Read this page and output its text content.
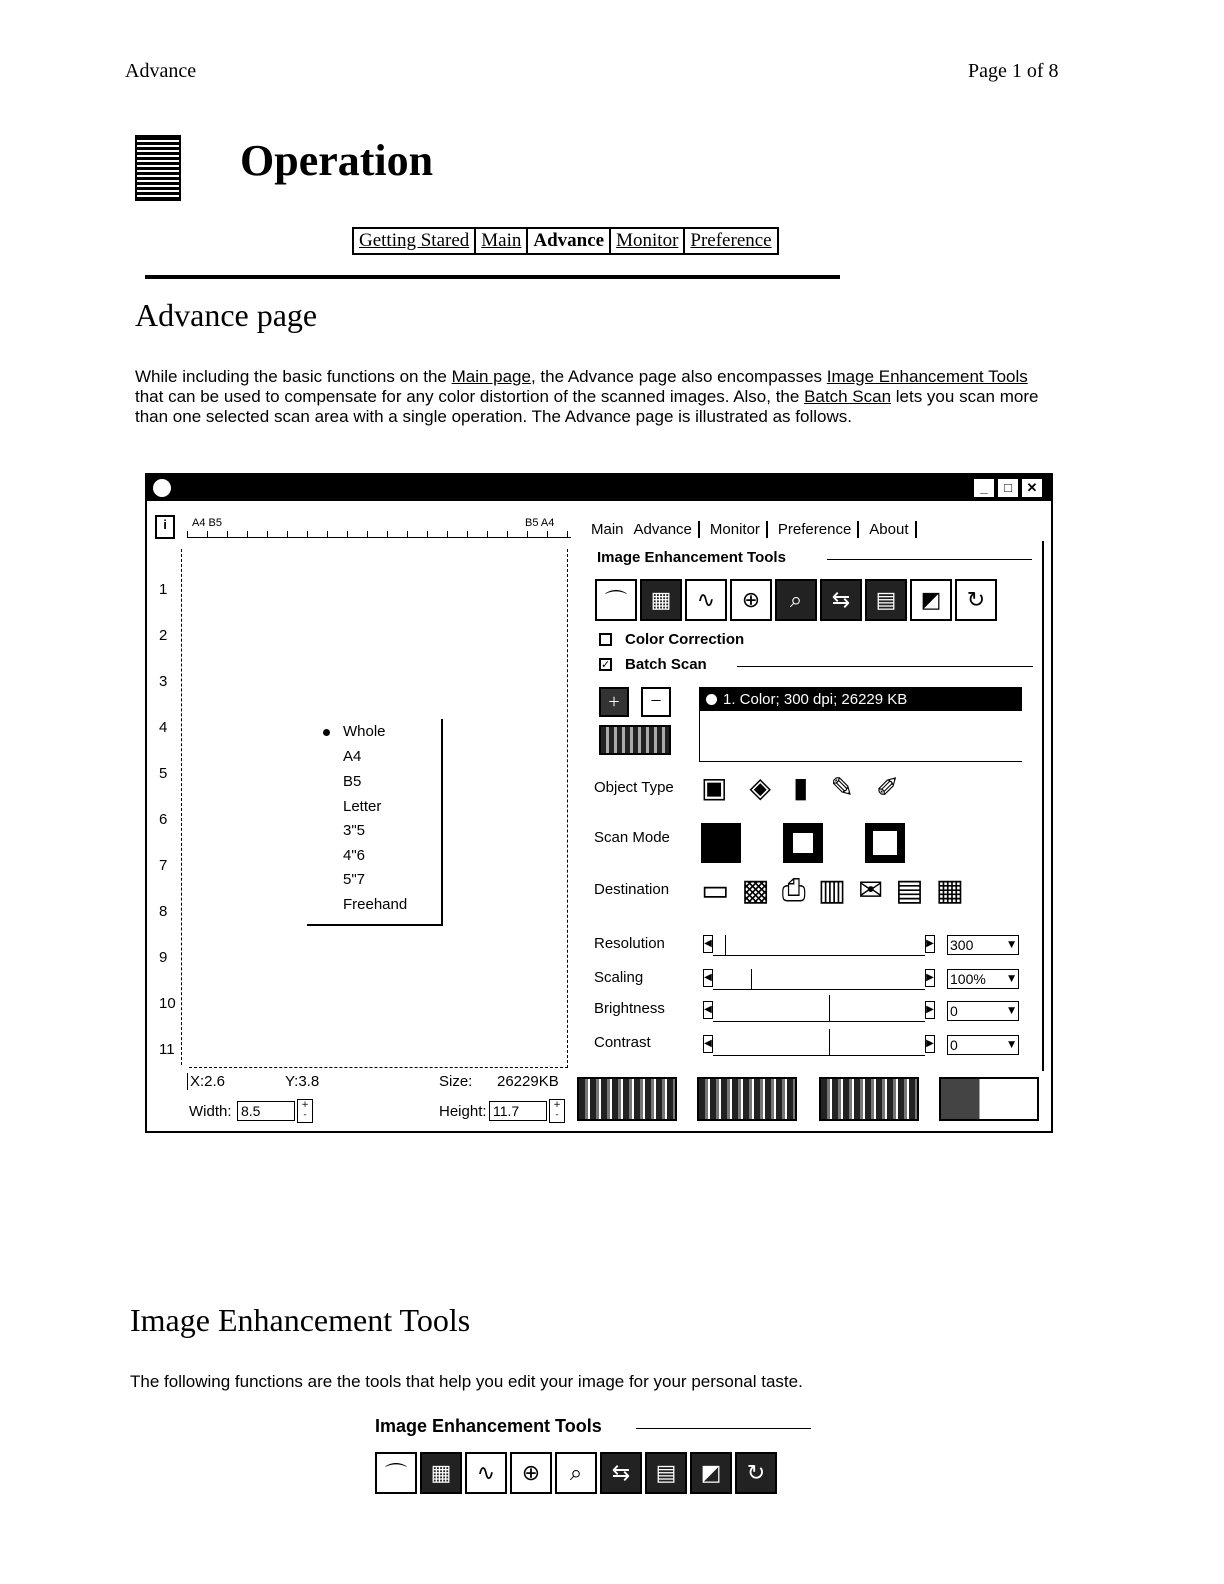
Advance	Page 1 of 8
Operation
Getting Stared Main Advance Monitor Preference
Advance page
While including the basic functions on the Main page, the Advance page also encompasses Image Enhancement Tools that can be used to compensate for any color distortion of the scanned images. Also, the Batch Scan lets you scan more than one selected scan area with a single operation. The Advance page is illustrated as follows.
_	□	✕
i	A4 B5	B5 A4
1
2
3
4
5
6
7
8
9
10
11
Whole
A4
B5
Letter
3"5
4"6
5"7
Freehand
X:2.6	Y:3.8	Size: 26229KB
Width: 8.5	+
-	Height: 11.7	+
-
Main Advance	Monitor	Preference	About
Image Enhancement Tools
⌒	▦	∿	⊕	⌕	⇆	▤	◩	↻
Color Correction
✓ Batch Scan
+	−	1. Color; 300 dpi; 26229 KB
Object Type ▣ ◈ ▮ ✎ ✐
Scan Mode
Destination ▭ ▩ ⎙ ▥ ✉ ▤ ▦
Resolution	◀	▶ 300	▼
Scaling	◀	▶ 100% ▼
Brightness	◀	▶ 0	▼
Contrast	◀	▶ 0	▼
Image Enhancement Tools
The following functions are the tools that help you edit your image for your personal taste.
Image Enhancement Tools
⌒	▦	∿	⊕	⌕	⇆	▤	◩	↻
